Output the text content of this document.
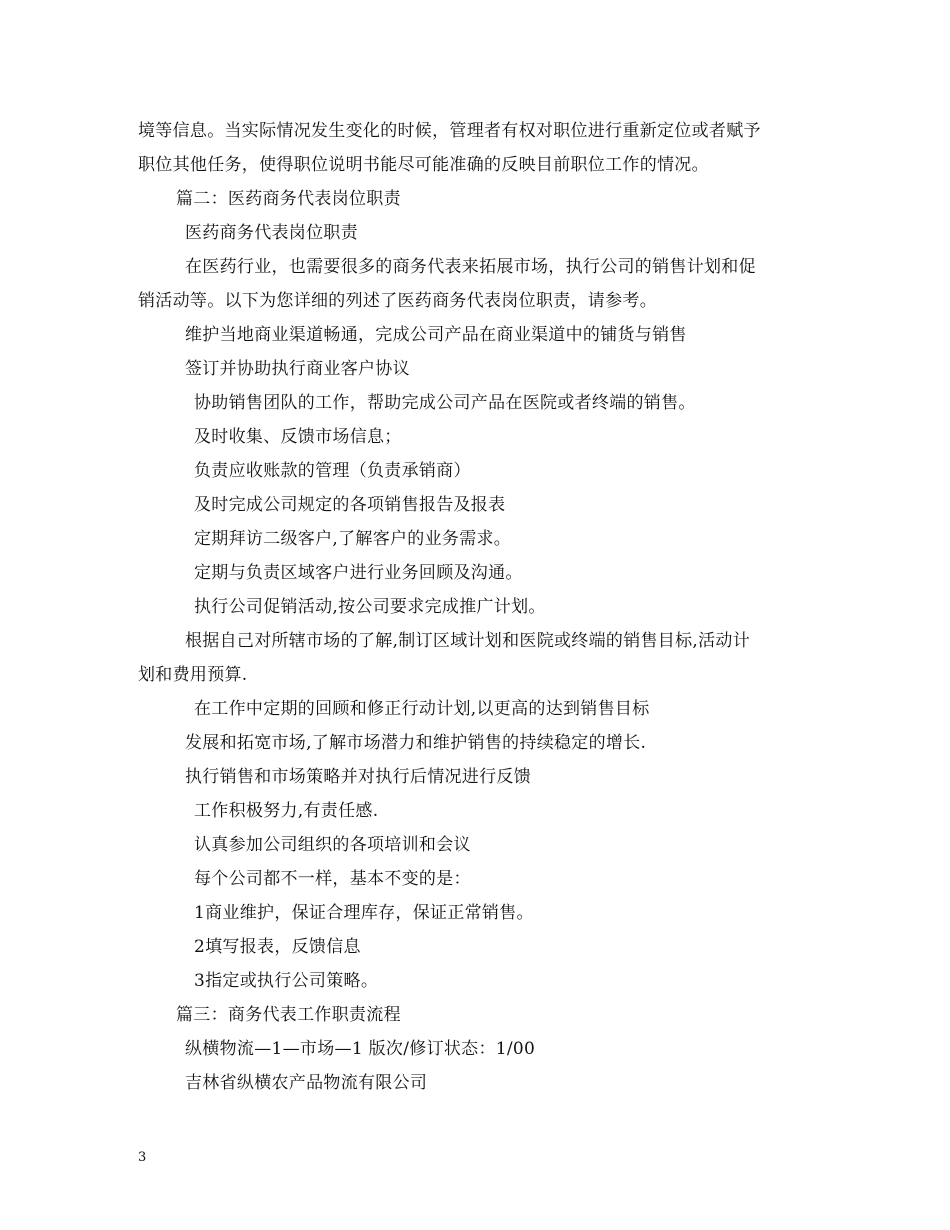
境等信息。当实际情况发生变化的时候，管理者有权对职位进行重新定位或者赋予
职位其他任务，使得职位说明书能尽可能准确的反映目前职位工作的情况。
篇二：医药商务代表岗位职责
医药商务代表岗位职责
在医药行业，也需要很多的商务代表来拓展市场，执行公司的销售计划和促
销活动等。以下为您详细的列述了医药商务代表岗位职责，请参考。
维护当地商业渠道畅通，完成公司产品在商业渠道中的铺货与销售
签订并协助执行商业客户协议
协助销售团队的工作，帮助完成公司产品在医院或者终端的销售。
及时收集、反馈市场信息；
负责应收账款的管理（负责承销商）
及时完成公司规定的各项销售报告及报表
定期拜访二级客户,了解客户的业务需求。
定期与负责区域客户进行业务回顾及沟通。
执行公司促销活动,按公司要求完成推广计划。
根据自己对所辖市场的了解,制订区域计划和医院或终端的销售目标,活动计
划和费用预算.
在工作中定期的回顾和修正行动计划,以更高的达到销售目标
发展和拓宽市场,了解市场潜力和维护销售的持续稳定的增长.
执行销售和市场策略并对执行后情况进行反馈
工作积极努力,有责任感.
认真参加公司组织的各项培训和会议
每个公司都不一样，基本不变的是：
1商业维护，保证合理库存，保证正常销售。
2填写报表，反馈信息
3指定或执行公司策略。
篇三：商务代表工作职责流程
纵横物流—1—市场—1 版次/修订状态：1/00
吉林省纵横农产品物流有限公司
3
